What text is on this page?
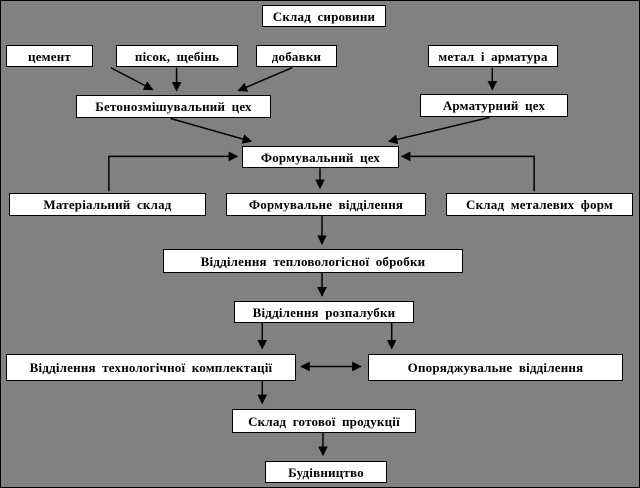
Склад сировини
цемент	пісок, щебінь	добавки	метал і арматура
Бетонозмішувальний цех	Арматурний цех
Формувальний цех
Матеріальний склад	Формувальне відділення	Склад металевих форм
Відділення тепловологісної обробки
Відділення розпалубки
Відділення технологічної комплектації	Опоряджувальне відділення
Склад готової продукції
Будівництво
